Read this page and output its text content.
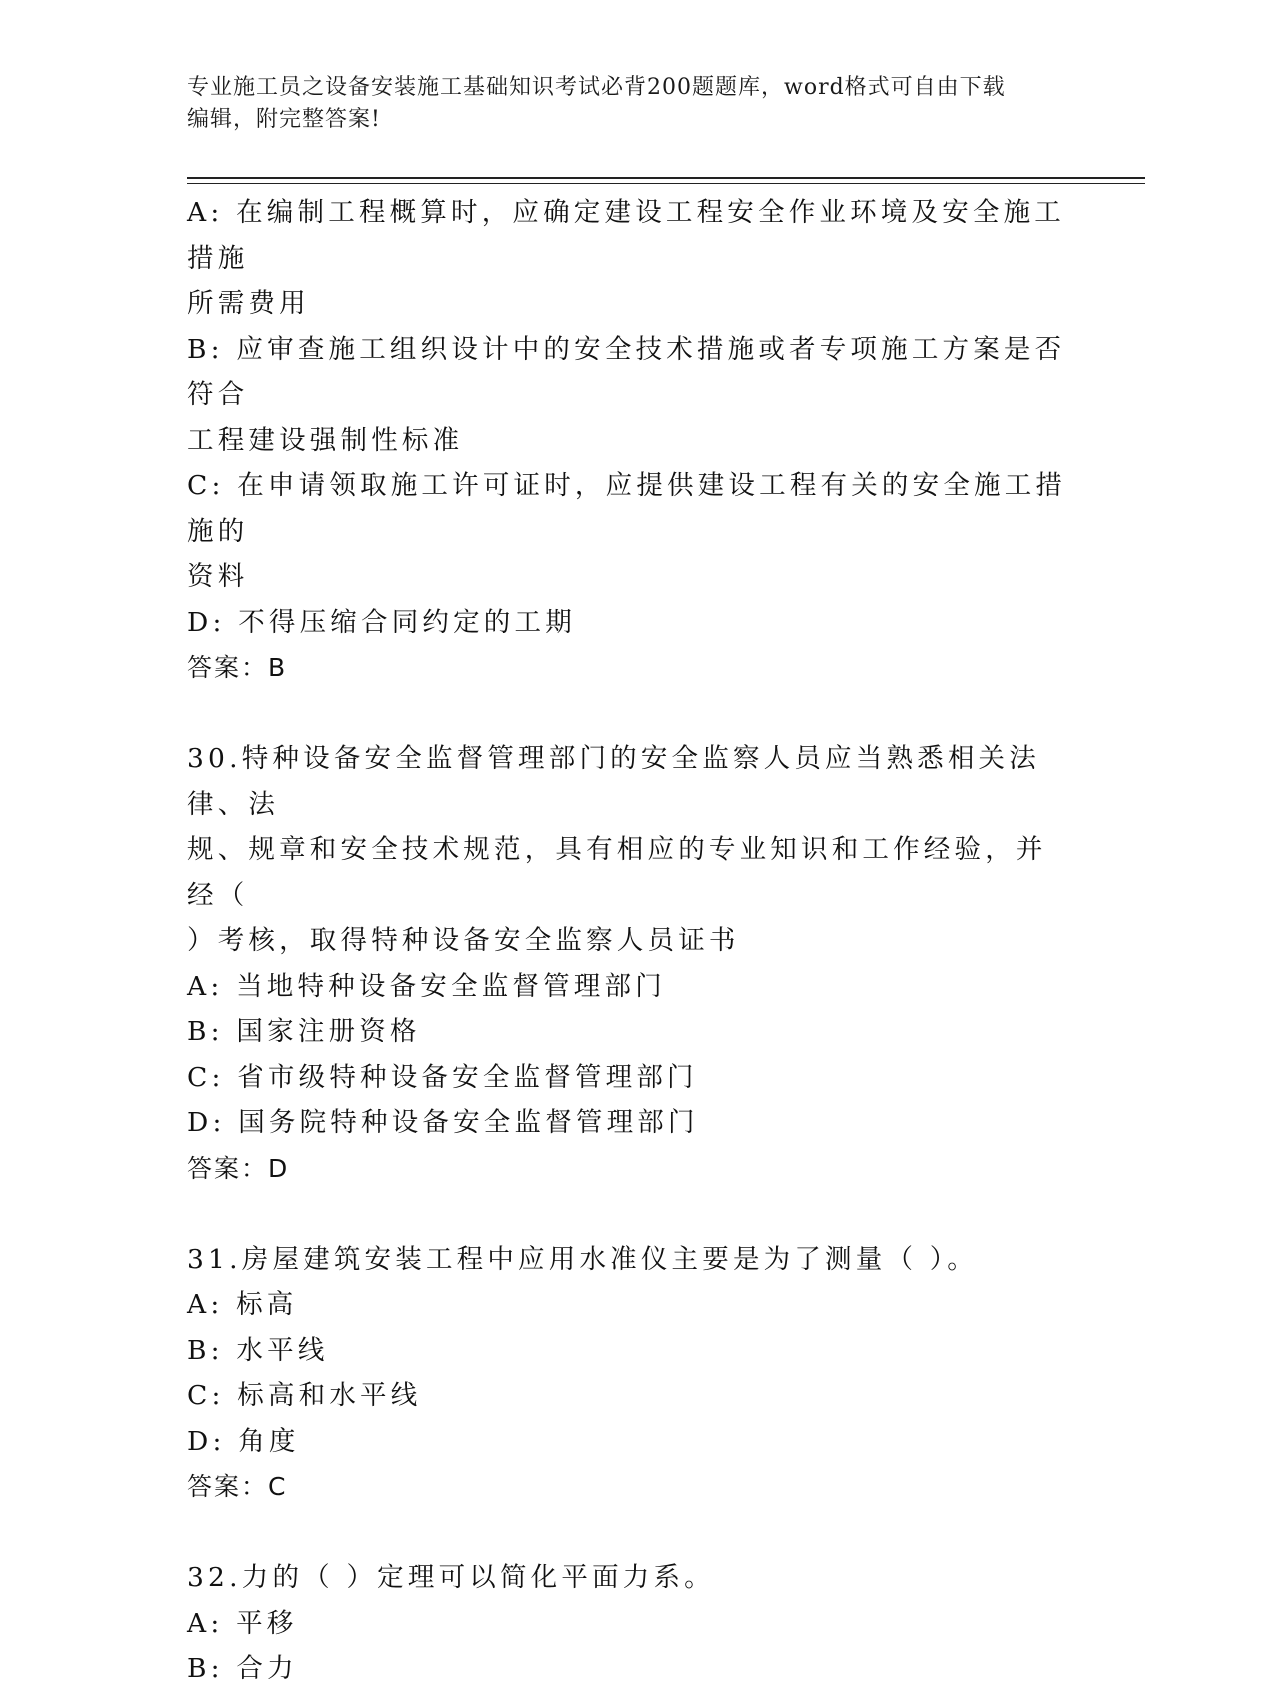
专业施工员之设备安装施工基础知识考试必背200题题库，word格式可自由下载
编辑，附完整答案!
A: 在编制工程概算时，应确定建设工程安全作业环境及安全施工措施
所需费用
B: 应审查施工组织设计中的安全技术措施或者专项施工方案是否符合
工程建设强制性标准
C: 在申请领取施工许可证时，应提供建设工程有关的安全施工措施的
资料
D: 不得压缩合同约定的工期
答案：B
30.特种设备安全监督管理部门的安全监察人员应当熟悉相关法律、法
规、规章和安全技术规范，具有相应的专业知识和工作经验，并经（
）考核，取得特种设备安全监察人员证书
A: 当地特种设备安全监督管理部门
B: 国家注册资格
C: 省市级特种设备安全监督管理部门
D: 国务院特种设备安全监督管理部门
答案：D
31.房屋建筑安装工程中应用水准仪主要是为了测量（ ）。
A: 标高
B: 水平线
C: 标高和水平线
D: 角度
答案：C
32.力的（ ）定理可以简化平面力系。
A: 平移
B: 合力
